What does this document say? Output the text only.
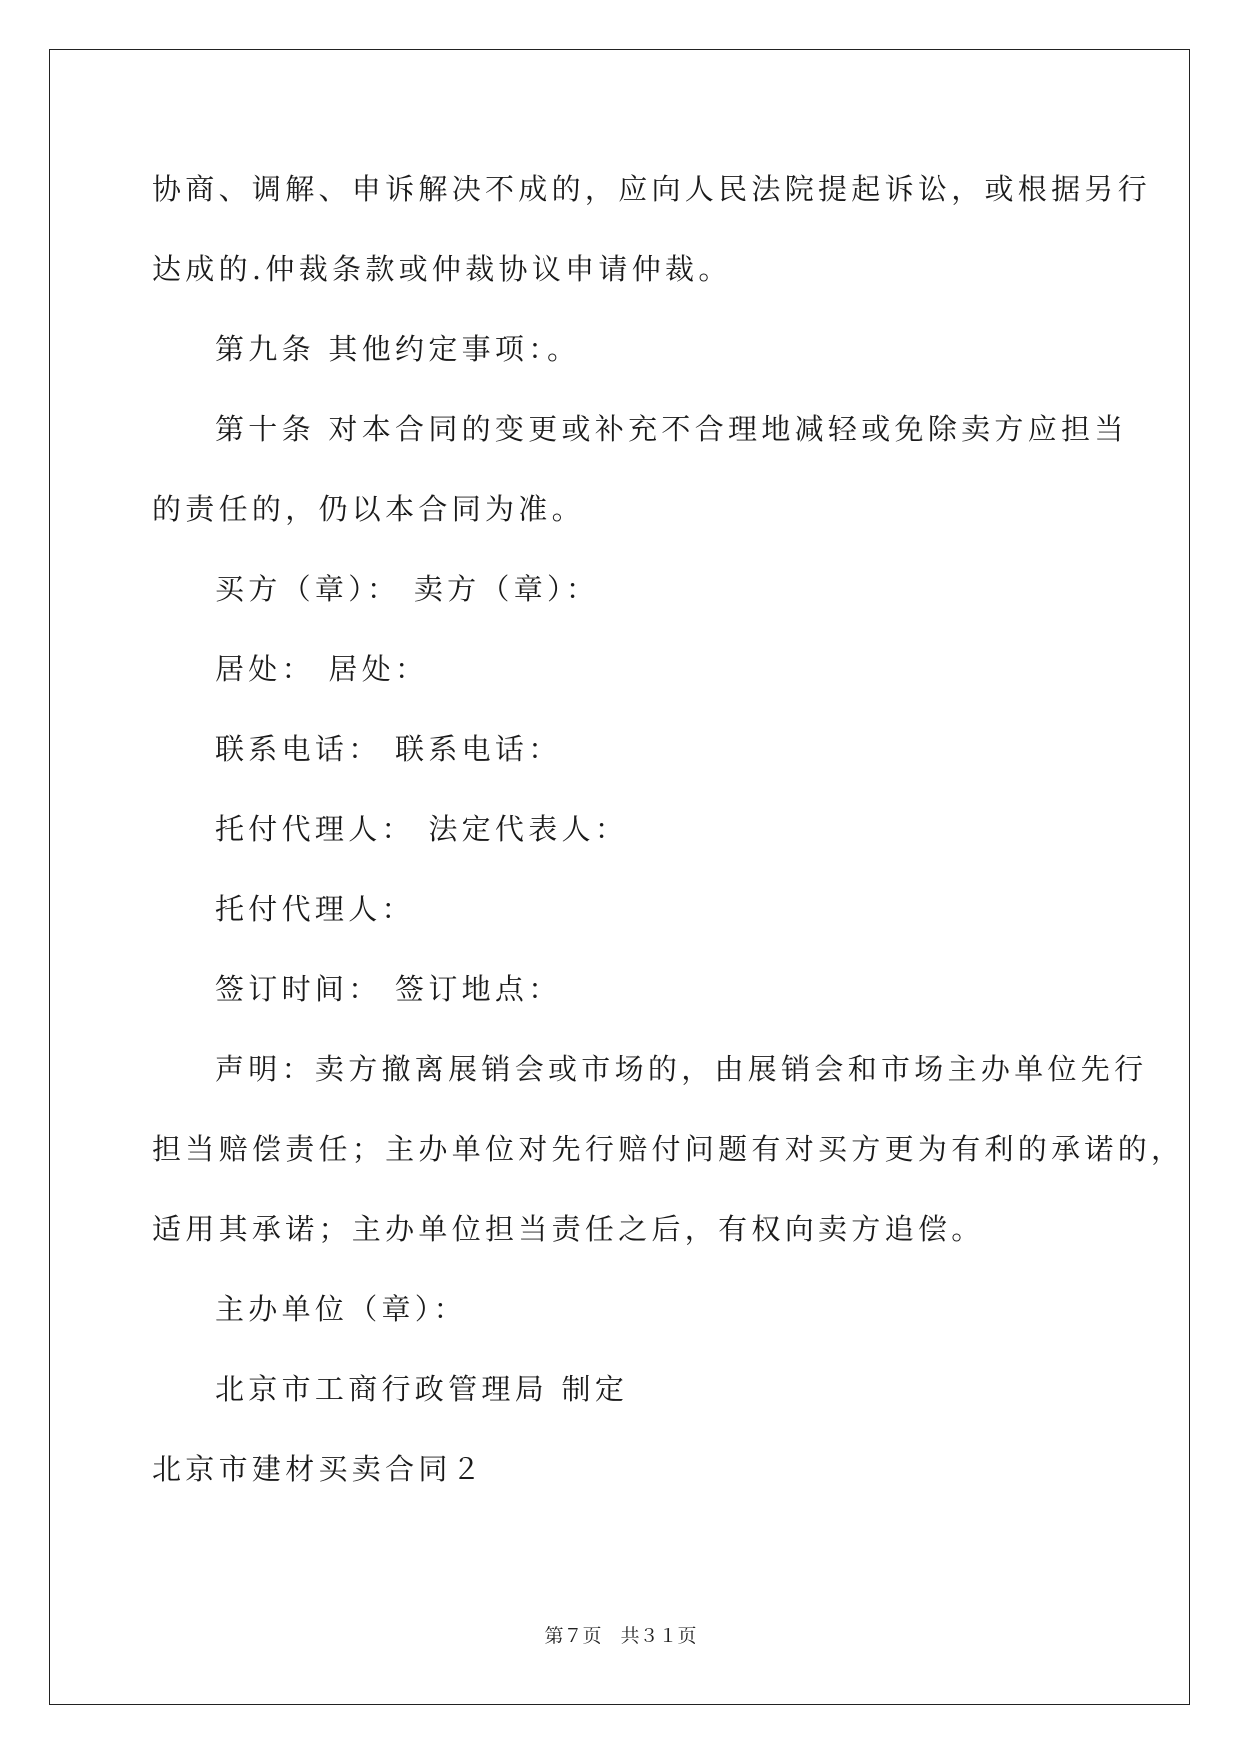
协商、调解、申诉解决不成的，应向人民法院提起诉讼，或根据另行
达成的.仲裁条款或仲裁协议申请仲裁。
第九条 其他约定事项：。
第十条 对本合同的变更或补充不合理地减轻或免除卖方应担当
的责任的，仍以本合同为准。
买方（章）： 卖方（章）：
居处： 居处：
联系电话： 联系电话：
托付代理人： 法定代表人：
托付代理人：
签订时间： 签订地点：
声明：卖方撤离展销会或市场的，由展销会和市场主办单位先行
担当赔偿责任；主办单位对先行赔付问题有对买方更为有利的承诺的，
适用其承诺；主办单位担当责任之后，有权向卖方追偿。
主办单位（章）：
北京市工商行政管理局 制定
北京市建材买卖合同２
第７页　共３１页
